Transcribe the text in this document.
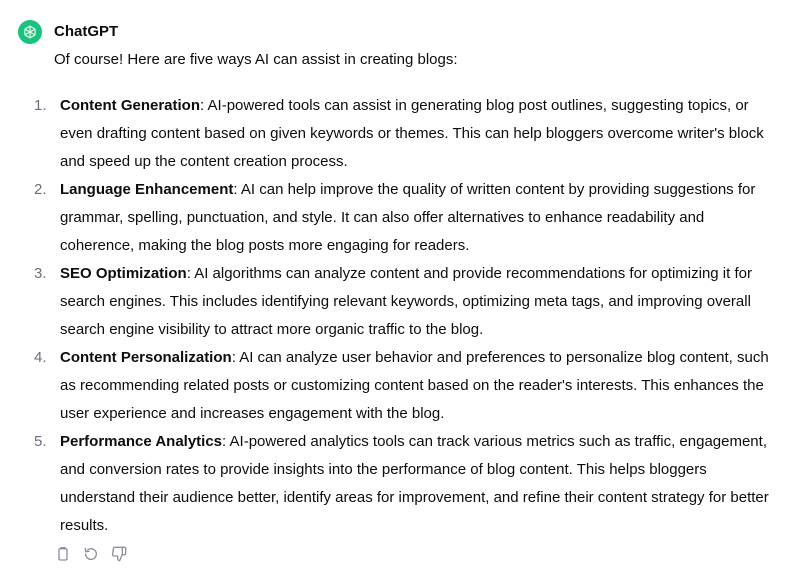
ChatGPT

Of course! Here are five ways AI can assist in creating blogs:

1. Content Generation: AI-powered tools can assist in generating blog post outlines, suggesting topics, or even drafting content based on given keywords or themes. This can help bloggers overcome writer's block and speed up the content creation process.
2. Language Enhancement: AI can help improve the quality of written content by providing suggestions for grammar, spelling, punctuation, and style. It can also offer alternatives to enhance readability and coherence, making the blog posts more engaging for readers.
3. SEO Optimization: AI algorithms can analyze content and provide recommendations for optimizing it for search engines. This includes identifying relevant keywords, optimizing meta tags, and improving overall search engine visibility to attract more organic traffic to the blog.
4. Content Personalization: AI can analyze user behavior and preferences to personalize blog content, such as recommending related posts or customizing content based on the reader's interests. This enhances the user experience and increases engagement with the blog.
5. Performance Analytics: AI-powered analytics tools can track various metrics such as traffic, engagement, and conversion rates to provide insights into the performance of blog content. This helps bloggers understand their audience better, identify areas for improvement, and refine their content strategy for better results.
